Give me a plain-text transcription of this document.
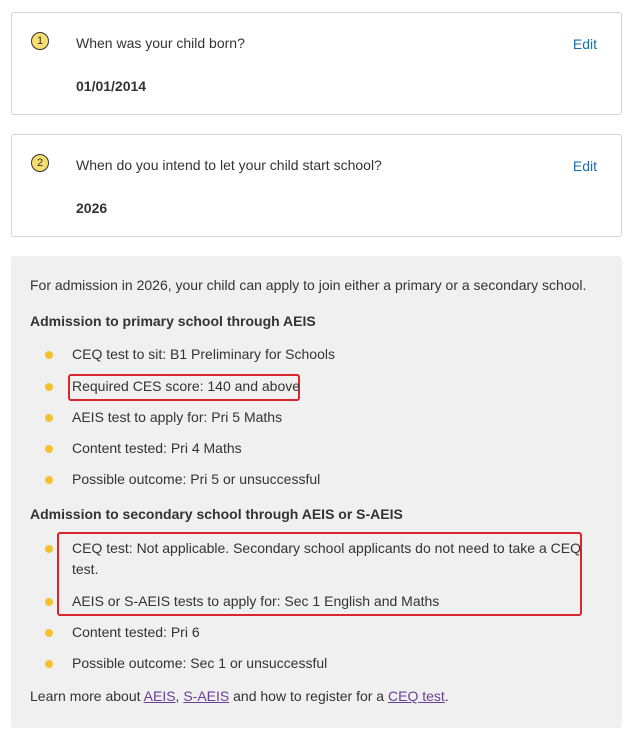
1	When was your child born?
01/01/2014
Edit
2	When do you intend to let your child start school?
2026
Edit
For admission in 2026, your child can apply to join either a primary or a secondary school.
Admission to primary school through AEIS
CEQ test to sit: B1 Preliminary for Schools
Required CES score: 140 and above
AEIS test to apply for: Pri 5 Maths
Content tested: Pri 4 Maths
Possible outcome: Pri 5 or unsuccessful
Admission to secondary school through AEIS or S-AEIS
CEQ test: Not applicable. Secondary school applicants do not need to take a CEQ test.
AEIS or S-AEIS tests to apply for: Sec 1 English and Maths
Content tested: Pri 6
Possible outcome: Sec 1 or unsuccessful
Learn more about AEIS, S-AEIS and how to register for a CEQ test.
